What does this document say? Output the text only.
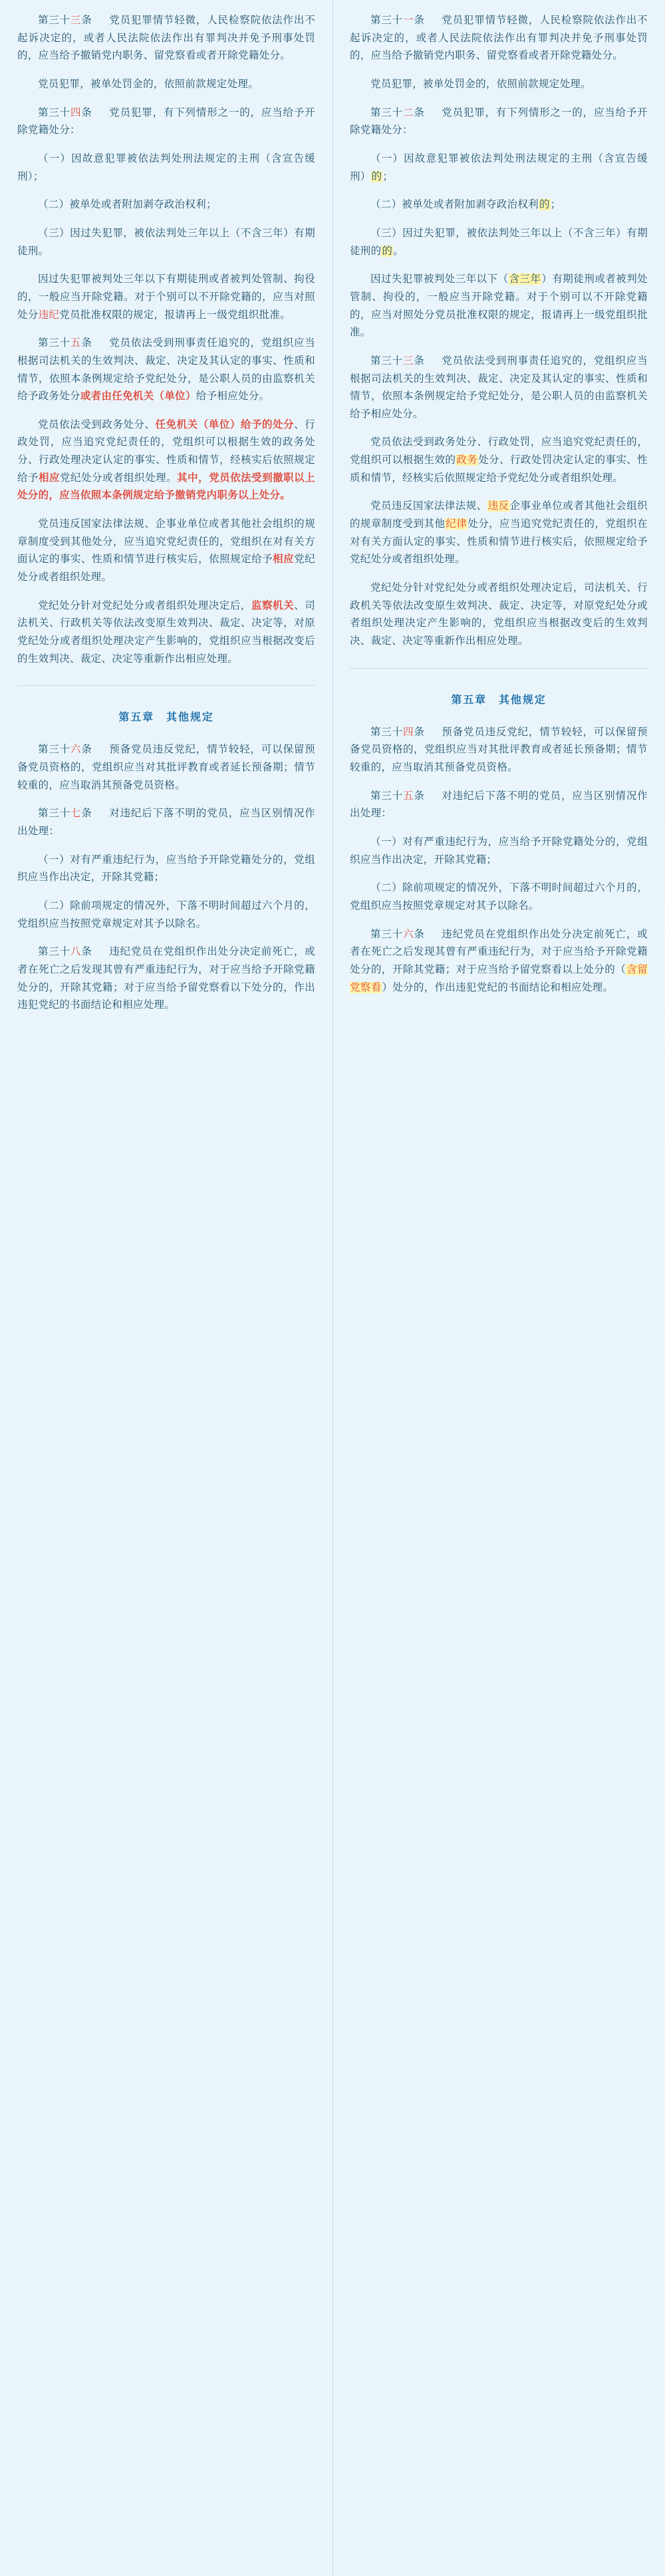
第三十三条　党员犯罪情节轻微，人民检察院依法作出不起诉决定的，或者人民法院依法作出有罪判决并免予刑事处罚的，应当给予撤销党内职务、留党察看或者开除党籍处分。

党员犯罪，被单处罚金的，依照前款规定处理。

第三十四条　党员犯罪，有下列情形之一的，应当给予开除党籍处分：

（一）因故意犯罪被依法判处刑法规定的主刑（含宣告缓刑）；

（二）被单处或者附加剥夺政治权利；

（三）因过失犯罪，被依法判处三年以上（不含三年）有期徒刑。

因过失犯罪被判处三年以下有期徒刑或者被判处管制、拘役的，一般应当开除党籍。对于个别可以不开除党籍的，应当对照处分违纪党员批准权限的规定，报请再上一级党组织批准。

第三十五条　党员依法受到刑事责任追究的，党组织应当根据司法机关的生效判决、裁定、决定及其认定的事实、性质和情节，依照本条例规定给予党纪处分，是公职人员的由监察机关给予政务处分或者由任免机关（单位）给予相应处分。

党员依法受到政务处分、任免机关（单位）给予的处分、行政处罚，应当追究党纪责任的，党组织可以根据生效的政务处分、行政处理决定认定的事实、性质和情节，经核实后依照规定给予相应党纪处分或者组织处理。其中，党员依法受到撤职以上处分的，应当依照本条例规定给予撤销党内职务以上处分。

党员违反国家法律法规、企事业单位或者其他社会组织的规章制度受到其他处分，应当追究党纪责任的，党组织在对有关方面认定的事实、性质和情节进行核实后，依照规定给予相应党纪处分或者组织处理。

党纪处分针对党纪处分或者组织处理决定后，监察机关、司法机关、行政机关等依法改变原生效判决、裁定、决定等，对原党纪处分或者组织处理决定产生影响的，党组织应当根据改变后的生效判决、裁定、决定等重新作出相应处理。

第五章　其他规定

第三十六条　预备党员违反党纪，情节较轻，可以保留预备党员资格的，党组织应当对其批评教育或者延长预备期；情节较重的，应当取消其预备党员资格。

第三十七条　对违纪后下落不明的党员，应当区别情况作出处理：

（一）对有严重违纪行为，应当给予开除党籍处分的，党组织应当作出决定，开除其党籍；

（二）除前项规定的情况外，下落不明时间超过六个月的，党组织应当按照党章规定对其予以除名。

第三十八条　违纪党员在党组织作出处分决定前死亡，或者在死亡之后发现其曾有严重违纪行为，对于应当给予开除党籍处分的，开除其党籍；对于应当给予留党察看以下处分的，作出违犯党纪的书面结论和相应处理。

第三十一条　党员犯罪情节轻微，人民检察院依法作出不起诉决定的，或者人民法院依法作出有罪判决并免予刑事处罚的，应当给予撤销党内职务、留党察看或者开除党籍处分。

党员犯罪，被单处罚金的，依照前款规定处理。

第三十二条　党员犯罪，有下列情形之一的，应当给予开除党籍处分：

（一）因故意犯罪被依法判处刑法规定的主刑（含宣告缓刑）的；

（二）被单处或者附加剥夺政治权利的；

（三）因过失犯罪，被依法判处三年以上（不含三年）有期徒刑的的。

因过失犯罪被判处三年以下（含三年）有期徒刑或者被判处管制、拘役的，一般应当开除党籍。对于个别可以不开除党籍的，应当对照处分党员批准权限的规定，报请再上一级党组织批准。

第三十三条　党员依法受到刑事责任追究的，党组织应当根据司法机关的生效判决、裁定、决定及其认定的事实、性质和情节，依照本条例规定给予党纪处分，是公职人员的由监察机关给予相应处分。

党员依法受到政务处分、行政处罚，应当追究党纪责任的，党组织可以根据生效的政务处分、行政处罚决定认定的事实、性质和情节，经核实后依照规定给予党纪处分或者组织处理。

党员违反国家法律法规、违反企事业单位或者其他社会组织的规章制度受到其他纪律处分，应当追究党纪责任的，党组织在对有关方面认定的事实、性质和情节进行核实后，依照规定给予党纪处分或者组织处理。

党纪处分针对党纪处分或者组织处理决定后，司法机关、行政机关等依法改变原生效判决、裁定、决定等，对原党纪处分或者组织处理决定产生影响的，党组织应当根据改变后的生效判决、裁定、决定等重新作出相应处理。

第五章　其他规定

第三十四条　预备党员违反党纪，情节较轻，可以保留预备党员资格的，党组织应当对其批评教育或者延长预备期；情节较重的，应当取消其预备党员资格。

第三十五条　对违纪后下落不明的党员，应当区别情况作出处理：

（一）对有严重违纪行为，应当给予开除党籍处分的，党组织应当作出决定，开除其党籍；

（二）除前项规定的情况外，下落不明时间超过六个月的，党组织应当按照党章规定对其予以除名。

第三十六条　违纪党员在党组织作出处分决定前死亡，或者在死亡之后发现其曾有严重违纪行为，对于应当给予开除党籍处分的，开除其党籍；对于应当给予留党察看以上处分的（含留党察看）处分的，作出违犯党纪的书面结论和相应处理。
